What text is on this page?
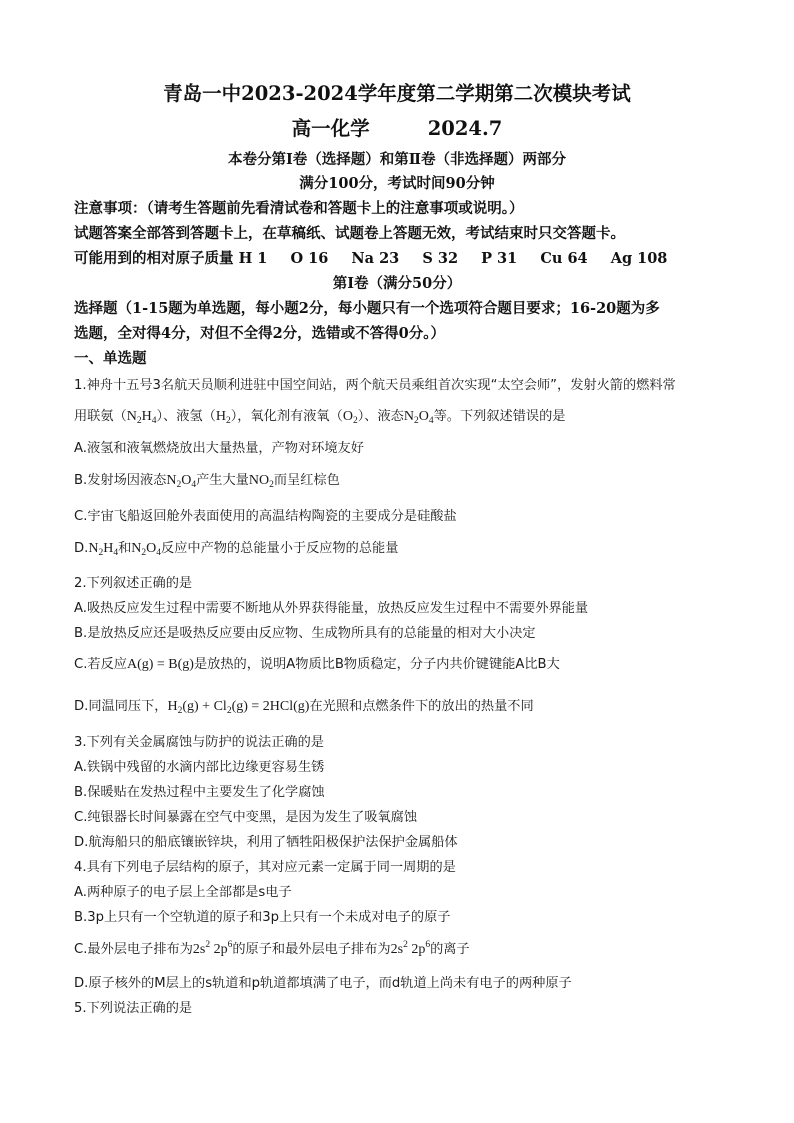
青岛一中2023-2024学年度第二学期第二次模块考试
高一化学	2024.7
本卷分第Ⅰ卷（选择题）和第Ⅱ卷（非选择题）两部分
满分100分，考试时间90分钟
注意事项：（请考生答题前先看清试卷和答题卡上的注意事项或说明。）
试题答案全部答到答题卡上，在草稿纸、试题卷上答题无效，考试结束时只交答题卡。
可能用到的相对原子质量 H 1 O 16 Na 23 S 32 P 31 Cu 64 Ag 108
第Ⅰ卷（满分50分）
选择题（1-15题为单选题，每小题2分，每小题只有一个选项符合题目要求；16-20题为多
选题，全对得4分，对但不全得2分，选错或不答得0分。）
一、单选题
1.神舟十五号3名航天员顺利进驻中国空间站，两个航天员乘组首次实现“太空会师”，发射火箭的燃料常
用联氨$(N_2H_4)$、液氢$(H_2)$，氧化剂有液氧$(O_2)$、液态$N_2O_4$等。下列叙述错误的是
A.液氢和液氧燃烧放出大量热量，产物对环境友好
B.发射场因液态$N_2O_4$产生大量$NO_2$而呈红棕色
C.宇宙飞船返回舱外表面使用的高温结构陶瓷的主要成分是硅酸盐
$D.N_2H_4$和$N_2O_4$反应中产物的总能量小于反应物的总能量
2.下列叙述正确的是
A.吸热反应发生过程中需要不断地从外界获得能量，放热反应发生过程中不需要外界能量
B.是放热反应还是吸热反应要由反应物、生成物所具有的总能量的相对大小决定
C.若反应A(g) = B(g)是放热的，说明A物质比B物质稳定，分子内共价键键能A比B大
D.同温同压下，$H_2(g) + Cl_2(g) = 2HCl(g)$在光照和点燃条件下的放出的热量不同
3.下列有关金属腐蚀与防护的说法正确的是
A.铁锅中残留的水滴内部比边缘更容易生锈
B.保暖贴在发热过程中主要发生了化学腐蚀
C.纯银器长时间暴露在空气中变黑，是因为发生了吸氧腐蚀
D.航海船只的船底镶嵌锌块，利用了牺牲阳极保护法保护金属船体
4.具有下列电子层结构的原子，其对应元素一定属于同一周期的是
A.两种原子的电子层上全部都是s电子
B.3p上只有一个空轨道的原子和3p上只有一个未成对电子的原子
C.最外层电子排布为$2s^2$ $2p^6$的原子和最外层电子排布为$2s^2$ $2p^6$的离子
D.原子核外的M层上的s轨道和p轨道都填满了电子，而d轨道上尚未有电子的两种原子
5.下列说法正确的是
